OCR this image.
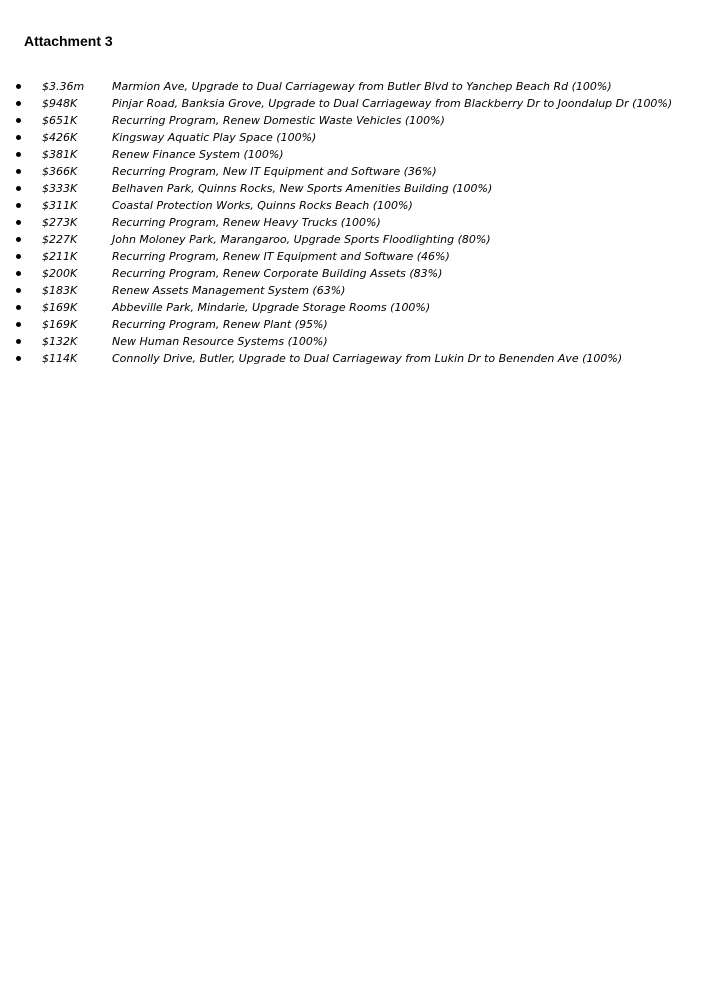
Attachment 3
$3.36m	Marmion Ave, Upgrade to Dual Carriageway from Butler Blvd to Yanchep Beach Rd (100%)
$948K	Pinjar Road, Banksia Grove, Upgrade to Dual Carriageway from Blackberry Dr to Joondalup Dr (100%)
$651K	Recurring Program, Renew Domestic Waste Vehicles (100%)
$426K	Kingsway Aquatic Play Space (100%)
$381K	Renew Finance System (100%)
$366K	Recurring Program, New IT Equipment and Software (36%)
$333K	Belhaven Park, Quinns Rocks, New Sports Amenities Building (100%)
$311K	Coastal Protection Works, Quinns Rocks Beach (100%)
$273K	Recurring Program, Renew Heavy Trucks (100%)
$227K	John Moloney Park, Marangaroo, Upgrade Sports Floodlighting (80%)
$211K	Recurring Program, Renew IT Equipment and Software (46%)
$200K	Recurring Program, Renew Corporate Building Assets (83%)
$183K	Renew Assets Management System (63%)
$169K	Abbeville Park, Mindarie, Upgrade Storage Rooms (100%)
$169K	Recurring Program, Renew Plant (95%)
$132K	New Human Resource Systems (100%)
$114K	Connolly Drive, Butler, Upgrade to Dual Carriageway from Lukin Dr to Benenden Ave (100%)
